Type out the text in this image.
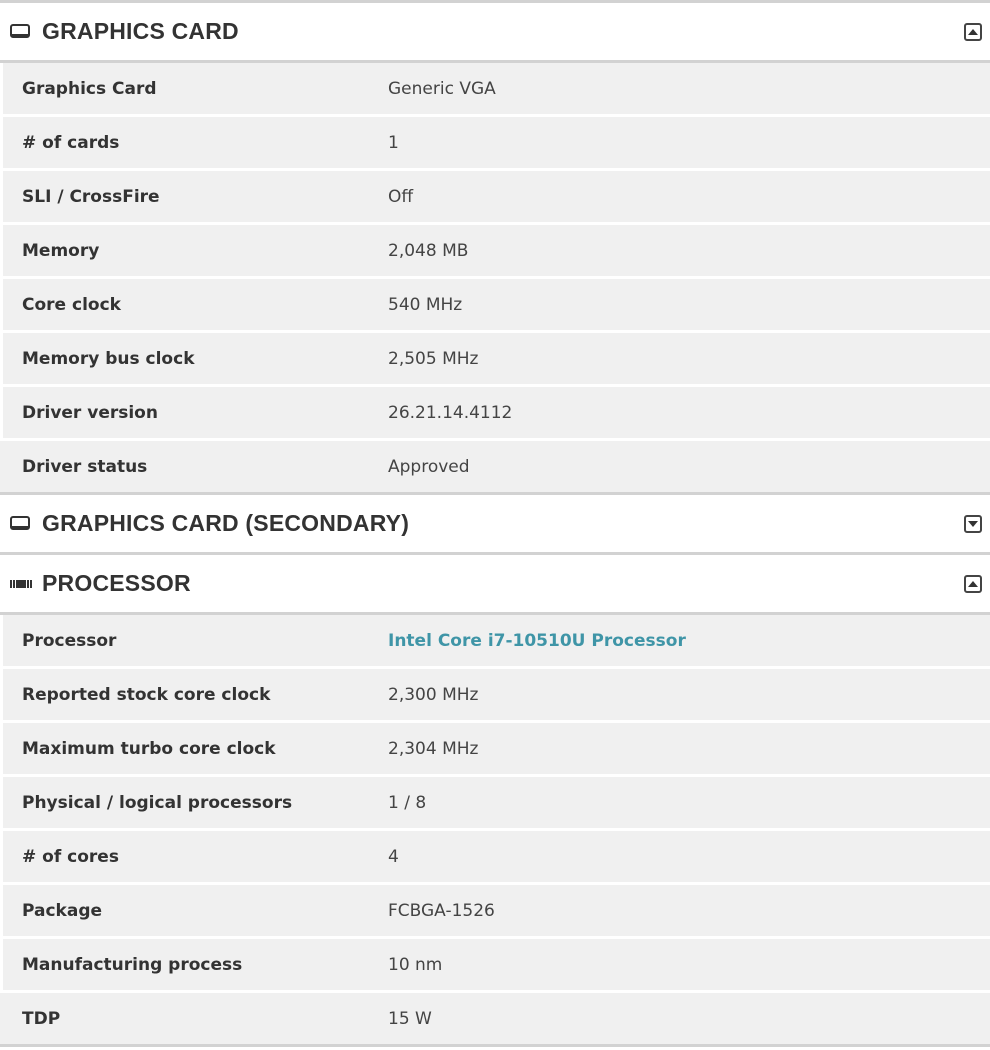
GRAPHICS CARD
Graphics Card	Generic VGA
# of cards	1
SLI / CrossFire	Off
Memory	2,048 MB
Core clock	540 MHz
Memory bus clock	2,505 MHz
Driver version	26.21.14.4112
Driver status	Approved
GRAPHICS CARD (SECONDARY)
PROCESSOR
Processor	Intel Core i7-10510U Processor
Reported stock core clock	2,300 MHz
Maximum turbo core clock	2,304 MHz
Physical / logical processors	1 / 8
# of cores	4
Package	FCBGA-1526
Manufacturing process	10 nm
TDP	15 W
